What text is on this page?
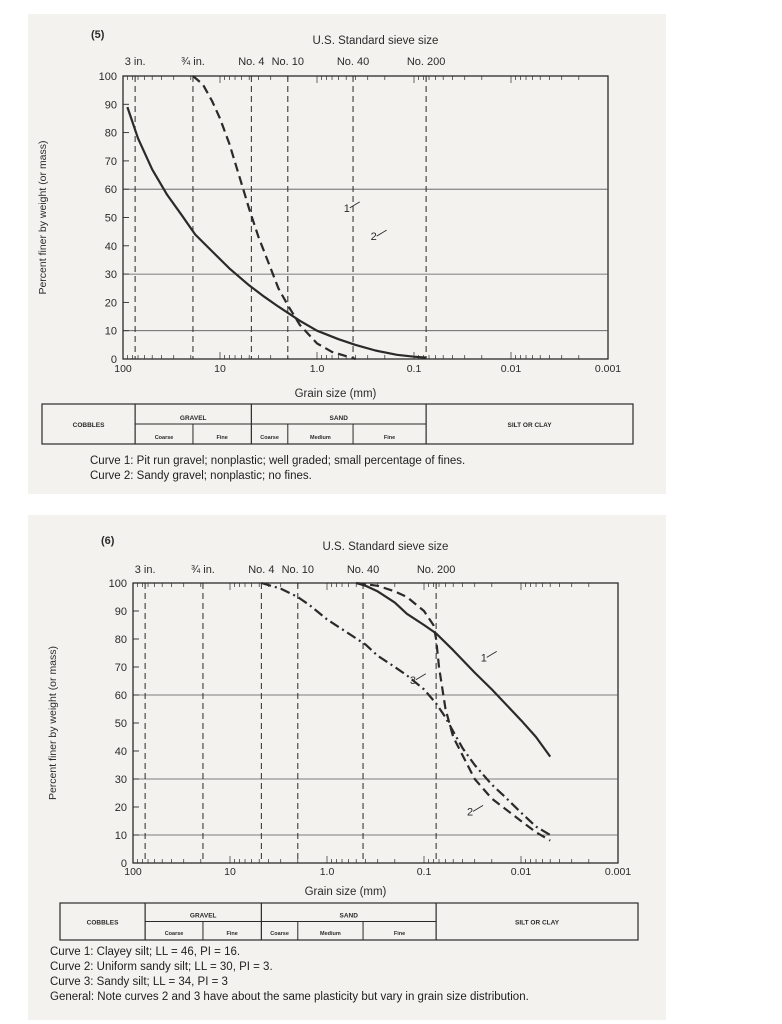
0
10
20
30
40
50
60
70
80
90
100
100	10	1.0	0.1	0.01	0.001
3 in.	¾ in.	No. 4 No. 10	No. 40	No. 200
U.S. Standard sieve size
(5)
Grain size (mm)
Percent finer by weight (or mass)	1
2
COBBLES
GRAVEL	SAND
SILT OR CLAY
Coarse	Fine	Coarse	Medium	Fine
Curve 1: Pit run gravel; nonplastic; well graded; small percentage of fines.
Curve 2: Sandy gravel; nonplastic; no fines.
0
10
20
30
40
50
60
70
80
90
100
100	10	1.0	0.1	0.01	0.001
3 in.	¾ in.	No. 4 No. 10	No. 40	No. 200
U.S. Standard sieve size
(6)
Grain size (mm)
Percent finer by weight (or mass)	1
2
3
COBBLES
GRAVEL	SAND
SILT OR CLAY
Coarse	Fine	Coarse	Medium	Fine
Curve 1: Clayey silt; LL = 46, PI = 16.
Curve 2: Uniform sandy silt; LL = 30, PI = 3.
Curve 3: Sandy silt; LL = 34, PI = 3
General: Note curves 2 and 3 have about the same plasticity but vary in grain size distribution.
